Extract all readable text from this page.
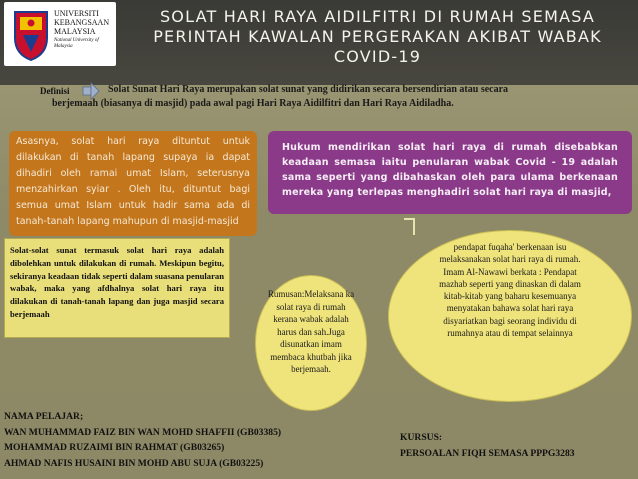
UNIVERSITI
KEBANGSAAN
MALAYSIA
National University of Malaysia
SOLAT HARI RAYA AIDILFITRI DI RUMAH SEMASA PERINTAH KAWALAN PERGERAKAN AKIBAT WABAK COVID-19
Solat Sunat Hari Raya merupakan solat sunat yang didirikan secara bersendirian atau secara berjemaah (biasanya di masjid) pada awal pagi Hari Raya Aidilfitri dan Hari Raya Aidiladha.
Definisi

Asasnya, solat hari raya dituntut untuk dilakukan di tanah lapang supaya ia dapat dihadiri oleh ramai umat Islam, seterusnya menzahirkan syiar . Oleh itu, dituntut bagi semua umat Islam untuk hadir sama ada di tanah-tanah lapang mahupun di masjid-masjid

Hukum mendirikan solat hari raya di rumah disebabkan keadaan semasa iaitu penularan wabak Covid - 19 adalah sama seperti yang dibahaskan oleh para ulama berkenaan mereka yang terlepas menghadiri solat hari raya di masjid,

Solat-solat sunat termasuk solat hari raya adalah dibolehkan untuk dilakukan di rumah. Meskipun begitu, sekiranya keadaan tidak seperti dalam suasana penularan wabak, maka yang afdhalnya solat hari raya itu dilakukan di tanah-tanah lapang dan juga masjid secara berjemaah

Rumusan:Melaksana ka solat raya di rumah kerana wabak adalah harus dan sah.Juga disunatkan imam membaca khutbah jika berjemaah.

pendapat fuqaha' berkenaan isu melaksanakan solat hari raya di rumah. Imam Al-Nawawi berkata : Pendapat mazhab seperti yang dinaskan di dalam kitab-kitab yang baharu kesemuanya menyatakan bahawa solat hari raya disyariatkan bagi seorang individu di rumahnya atau di tempat selainnya

NAMA PELAJAR;
WAN MUHAMMAD FAIZ BIN WAN MOHD SHAFFII (GB03385)
MOHAMMAD RUZAIMI BIN RAHMAT (GB03265)
AHMAD NAFIS HUSAINI BIN MOHD ABU SUJA (GB03225)
KURSUS:
PERSOALAN FIQH SEMASA PPPG3283
